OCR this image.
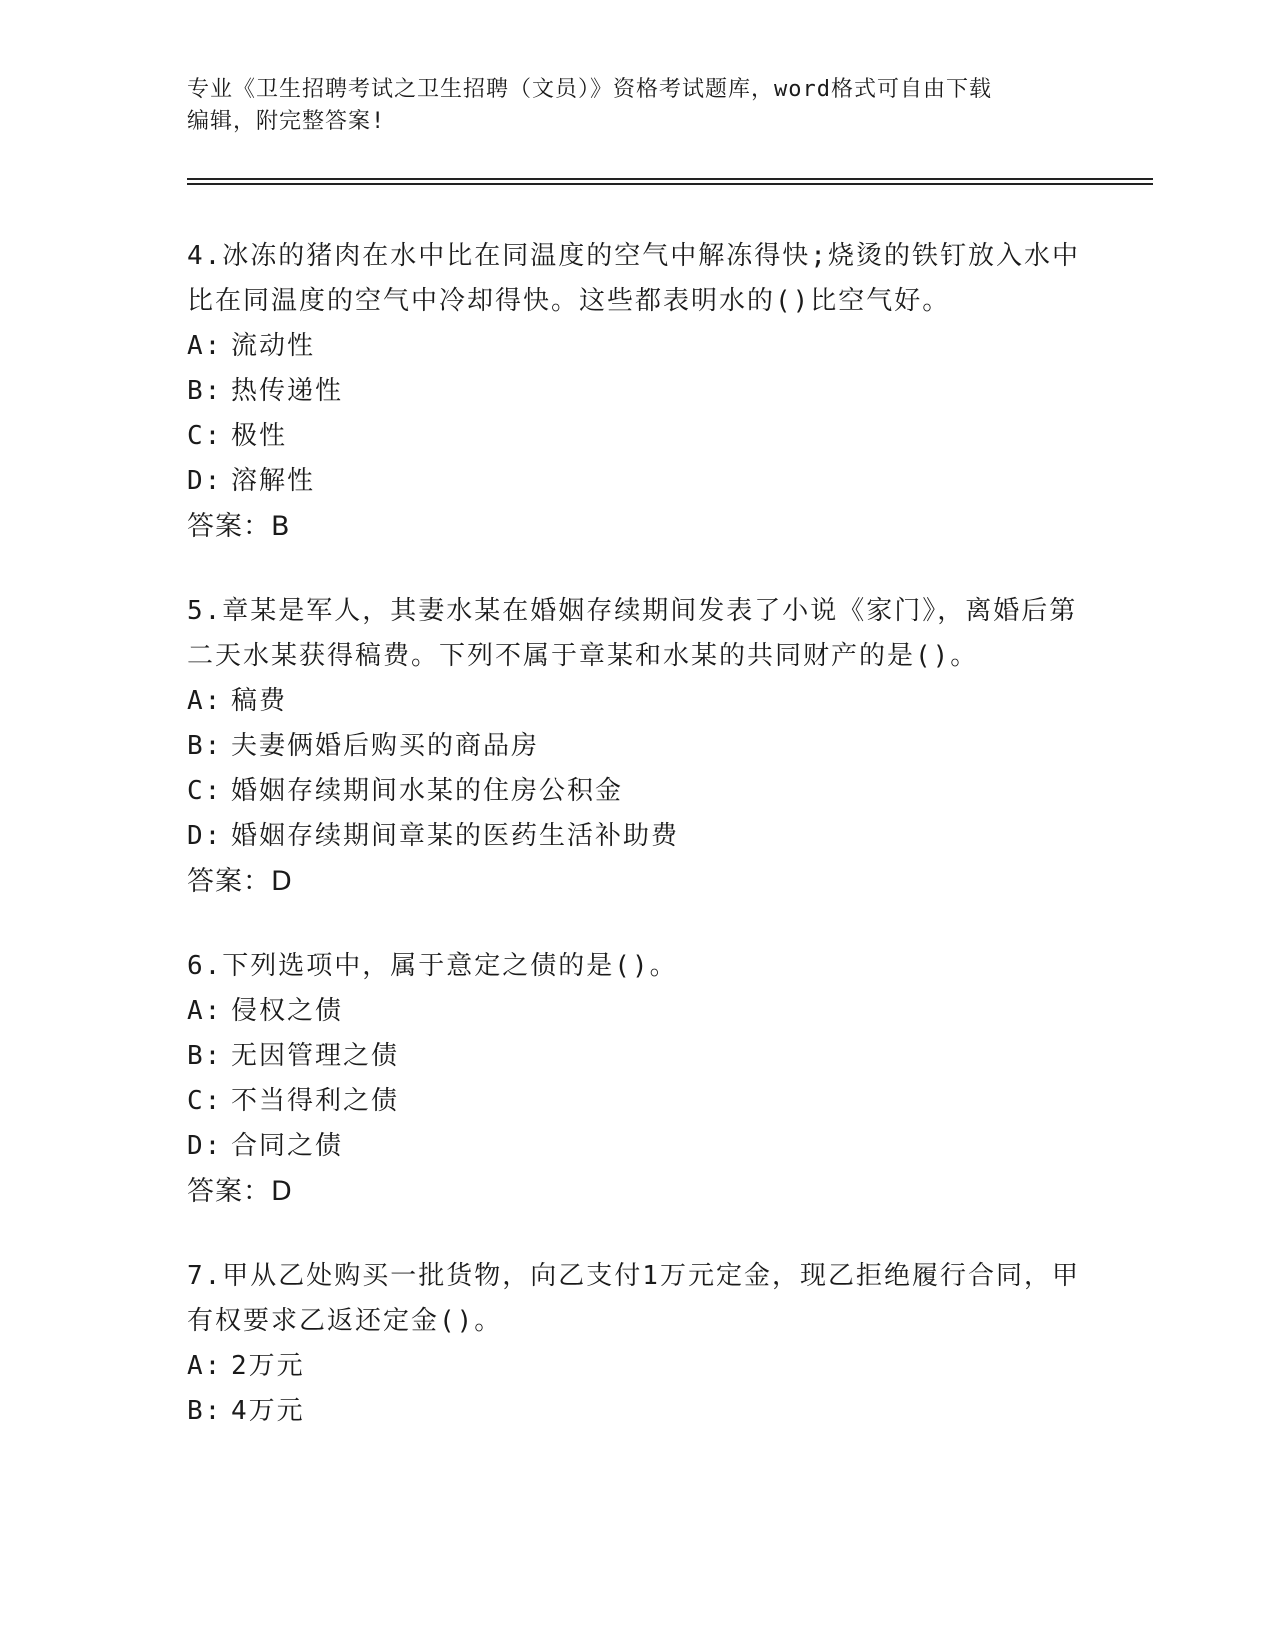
专业《卫生招聘考试之卫生招聘（文员）》资格考试题库，word格式可自由下载
编辑，附完整答案!

4.冰冻的猪肉在水中比在同温度的空气中解冻得快;烧烫的铁钉放入水中比在同温度的空气中冷却得快。这些都表明水的()比空气好。

A: 流动性
B: 热传递性
C: 极性
D: 溶解性

答案：B

5.章某是军人，其妻水某在婚姻存续期间发表了小说《家门》，离婚后第二天水某获得稿费。下列不属于章某和水某的共同财产的是()。

A: 稿费
B: 夫妻俩婚后购买的商品房
C: 婚姻存续期间水某的住房公积金
D: 婚姻存续期间章某的医药生活补助费

答案：D

6.下列选项中，属于意定之债的是()。

A: 侵权之债
B: 无因管理之债
C: 不当得利之债
D: 合同之债

答案：D

7.甲从乙处购买一批货物，向乙支付1万元定金，现乙拒绝履行合同，甲有权要求乙返还定金()。

A: 2万元
B: 4万元
